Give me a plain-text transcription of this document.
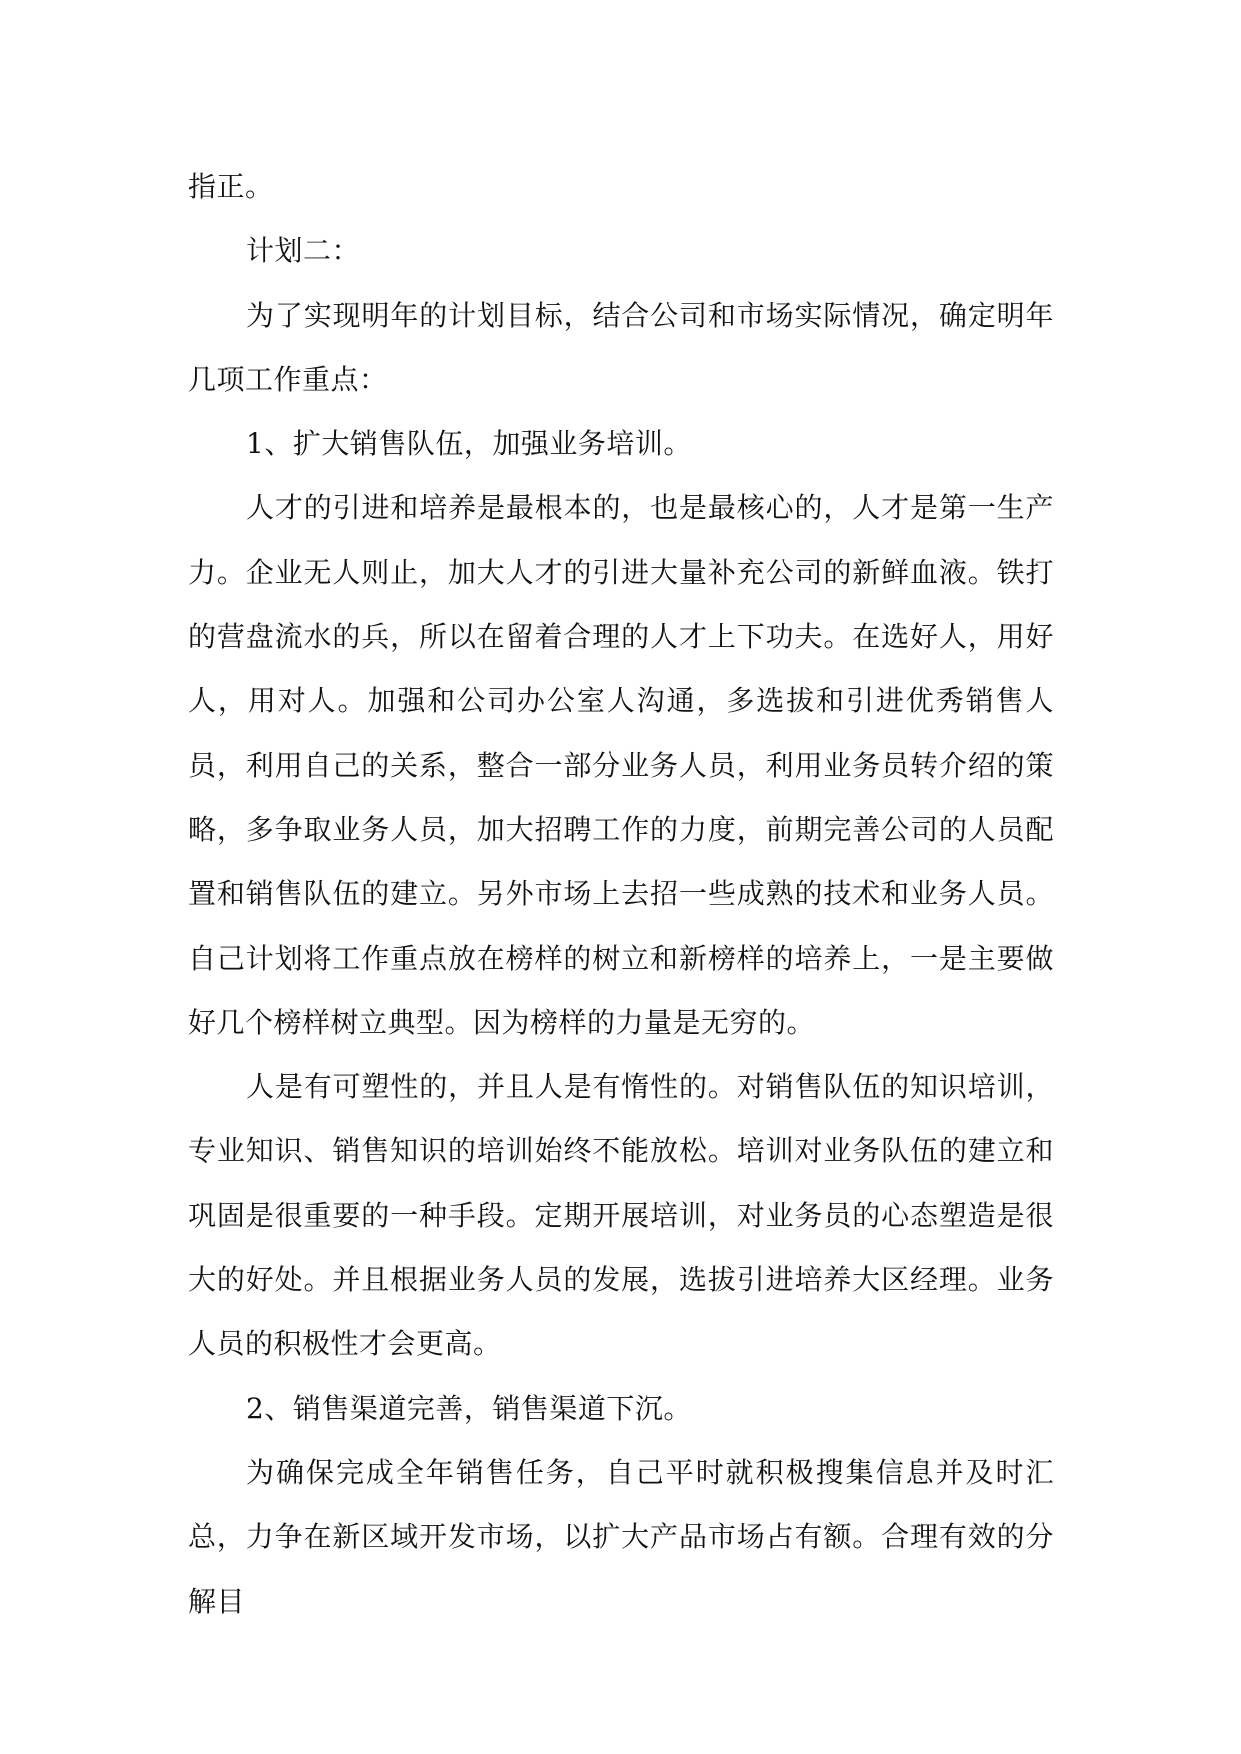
指正。

计划二：

为了实现明年的计划目标，结合公司和市场实际情况，确定明年几项工作重点：

1、扩大销售队伍，加强业务培训。

人才的引进和培养是最根本的，也是最核心的，人才是第一生产力。企业无人则止，加大人才的引进大量补充公司的新鲜血液。铁打的营盘流水的兵，所以在留着合理的人才上下功夫。在选好人，用好人，用对人。加强和公司办公室人沟通，多选拔和引进优秀销售人员，利用自己的关系，整合一部分业务人员，利用业务员转介绍的策略，多争取业务人员，加大招聘工作的力度，前期完善公司的人员配置和销售队伍的建立。另外市场上去招一些成熟的技术和业务人员。自己计划将工作重点放在榜样的树立和新榜样的培养上，一是主要做好几个榜样树立典型。因为榜样的力量是无穷的。

人是有可塑性的，并且人是有惰性的。对销售队伍的知识培训，专业知识、销售知识的培训始终不能放松。培训对业务队伍的建立和巩固是很重要的一种手段。定期开展培训，对业务员的心态塑造是很大的好处。并且根据业务人员的发展，选拔引进培养大区经理。业务人员的积极性才会更高。

2、销售渠道完善，销售渠道下沉。

为确保完成全年销售任务，自己平时就积极搜集信息并及时汇总，力争在新区域开发市场，以扩大产品市场占有额。合理有效的分解目
